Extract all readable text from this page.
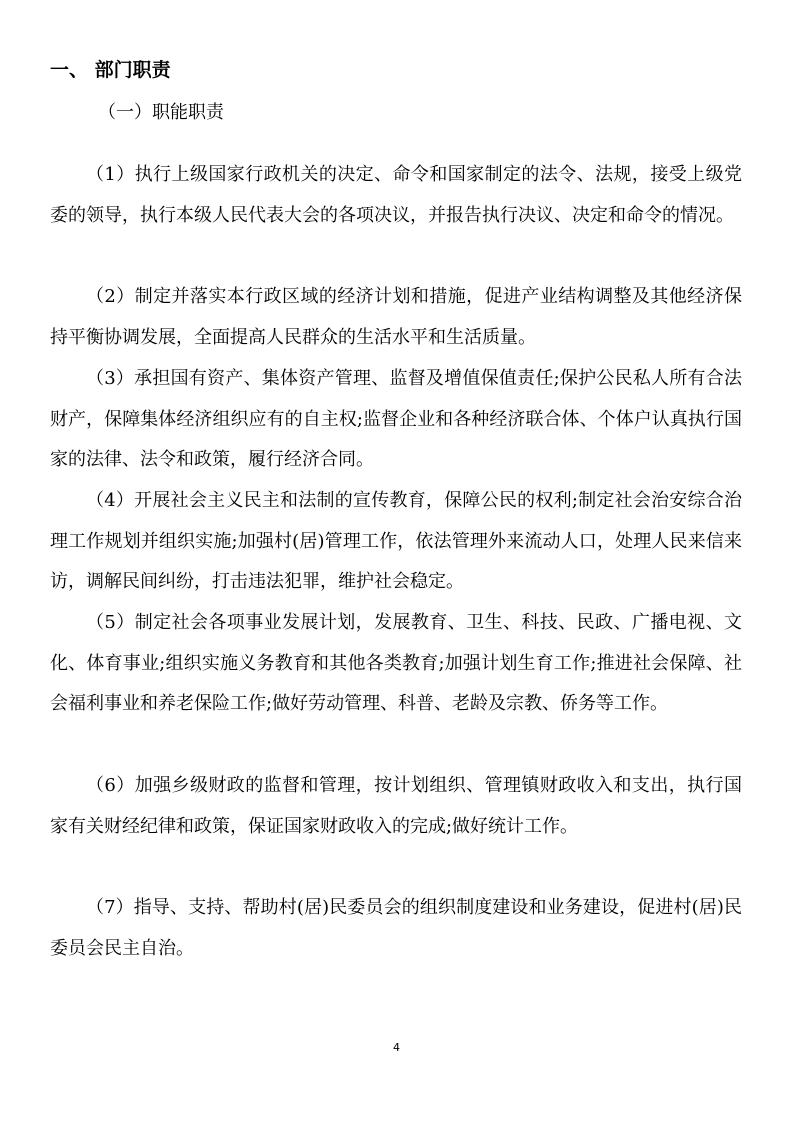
一、 部门职责
（一）职能职责

（1）执行上级国家行政机关的决定、命令和国家制定的法令、法规，接受上级党委的领导，执行本级人民代表大会的各项决议，并报告执行决议、决定和命令的情况。

（2）制定并落实本行政区域的经济计划和措施，促进产业结构调整及其他经济保持平衡协调发展，全面提高人民群众的生活水平和生活质量。

（3）承担国有资产、集体资产管理、监督及增值保值责任;保护公民私人所有合法财产，保障集体经济组织应有的自主权;监督企业和各种经济联合体、个体户认真执行国家的法律、法令和政策，履行经济合同。

（4）开展社会主义民主和法制的宣传教育，保障公民的权利;制定社会治安综合治理工作规划并组织实施;加强村(居)管理工作，依法管理外来流动人口，处理人民来信来访，调解民间纠纷，打击违法犯罪，维护社会稳定。

（5）制定社会各项事业发展计划，发展教育、卫生、科技、民政、广播电视、文化、体育事业;组织实施义务教育和其他各类教育;加强计划生育工作;推进社会保障、社会福利事业和养老保险工作;做好劳动管理、科普、老龄及宗教、侨务等工作。

（6）加强乡级财政的监督和管理，按计划组织、管理镇财政收入和支出，执行国家有关财经纪律和政策，保证国家财政收入的完成;做好统计工作。

（7）指导、支持、帮助村(居)民委员会的组织制度建设和业务建设，促进村(居)民委员会民主自治。

4
